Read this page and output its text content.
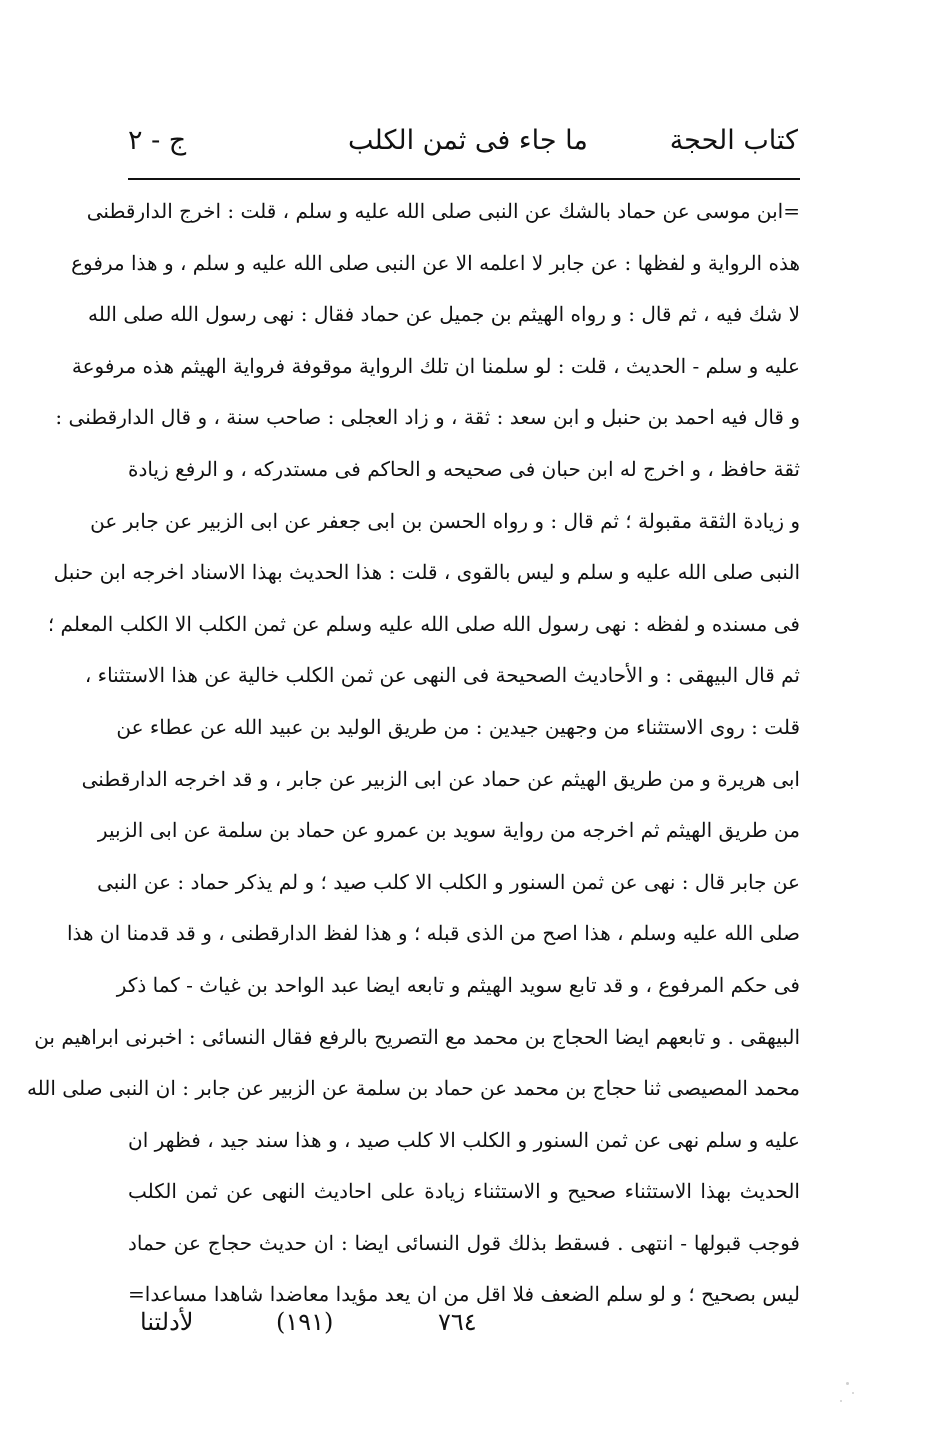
كتاب الحجة
ما جاء فى ثمن الكلب
ج - ٢
=ابن موسى عن حماد بالشك عن النبى صلى الله عليه و سلم ، قلت : اخرج الدارقطنى
هذه الرواية و لفظها : عن جابر لا اعلمه الا عن النبى صلى الله عليه و سلم ، و هذا مرفوع
لا شك فيه ، ثم قال : و رواه الهيثم بن جميل عن حماد فقال : نهى رسول الله صلى الله
عليه و سلم - الحديث ، قلت : لو سلمنا ان تلك الرواية موقوفة فرواية الهيثم هذه مرفوعة
و قال فيه احمد بن حنبل و ابن سعد : ثقة ، و زاد العجلى : صاحب سنة ، و قال الدارقطنى :
ثقة حافظ ، و اخرج له ابن حبان فى صحيحه و الحاكم فى مستدركه ، و الرفع زيادة
و زيادة الثقة مقبولة ؛ ثم قال : و رواه الحسن بن ابى جعفر عن ابى الزبير عن جابر عن
النبى صلى الله عليه و سلم و ليس بالقوى ، قلت : هذا الحديث بهذا الاسناد اخرجه ابن حنبل
فى مسنده و لفظه : نهى رسول الله صلى الله عليه وسلم عن ثمن الكلب الا الكلب المعلم ؛
ثم قال البيهقى : و الأحاديث الصحيحة فى النهى عن ثمن الكلب خالية عن هذا الاستثناء ،
قلت : روى الاستثناء من وجهين جيدين : من طريق الوليد بن عبيد الله عن عطاء عن
ابى هريرة و من طريق الهيثم عن حماد عن ابى الزبير عن جابر ، و قد اخرجه الدارقطنى
من طريق الهيثم ثم اخرجه من رواية سويد بن عمرو عن حماد بن سلمة عن ابى الزبير
عن جابر قال : نهى عن ثمن السنور و الكلب الا كلب صيد ؛ و لم يذكر حماد : عن النبى
صلى الله عليه وسلم ، هذا اصح من الذى قبله ؛ و هذا لفظ الدارقطنى ، و قد قدمنا ان هذا
فى حكم المرفوع ، و قد تابع سويد الهيثم و تابعه ايضا عبد الواحد بن غياث - كما ذكر
البيهقى . و تابعهم ايضا الحجاج بن محمد مع التصريح بالرفع فقال النسائى : اخبرنى ابراهيم بن
محمد المصيصى ثنا حجاج بن محمد عن حماد بن سلمة عن الزبير عن جابر : ان النبى صلى الله
عليه و سلم نهى عن ثمن السنور و الكلب الا كلب صيد ، و هذا سند جيد ، فظهر ان
الحديث بهذا الاستثناء صحيح و الاستثناء زيادة على احاديث النهى عن ثمن الكلب
فوجب قبولها - انتهى . فسقط بذلك قول النسائى ايضا : ان حديث حجاج عن حماد
ليس بصحيح ؛ و لو سلم الضعف فلا اقل من ان يعد مؤيدا معاضدا شاهدا مساعدا=
لأدلتنا	(١٩١)	٧٦٤
